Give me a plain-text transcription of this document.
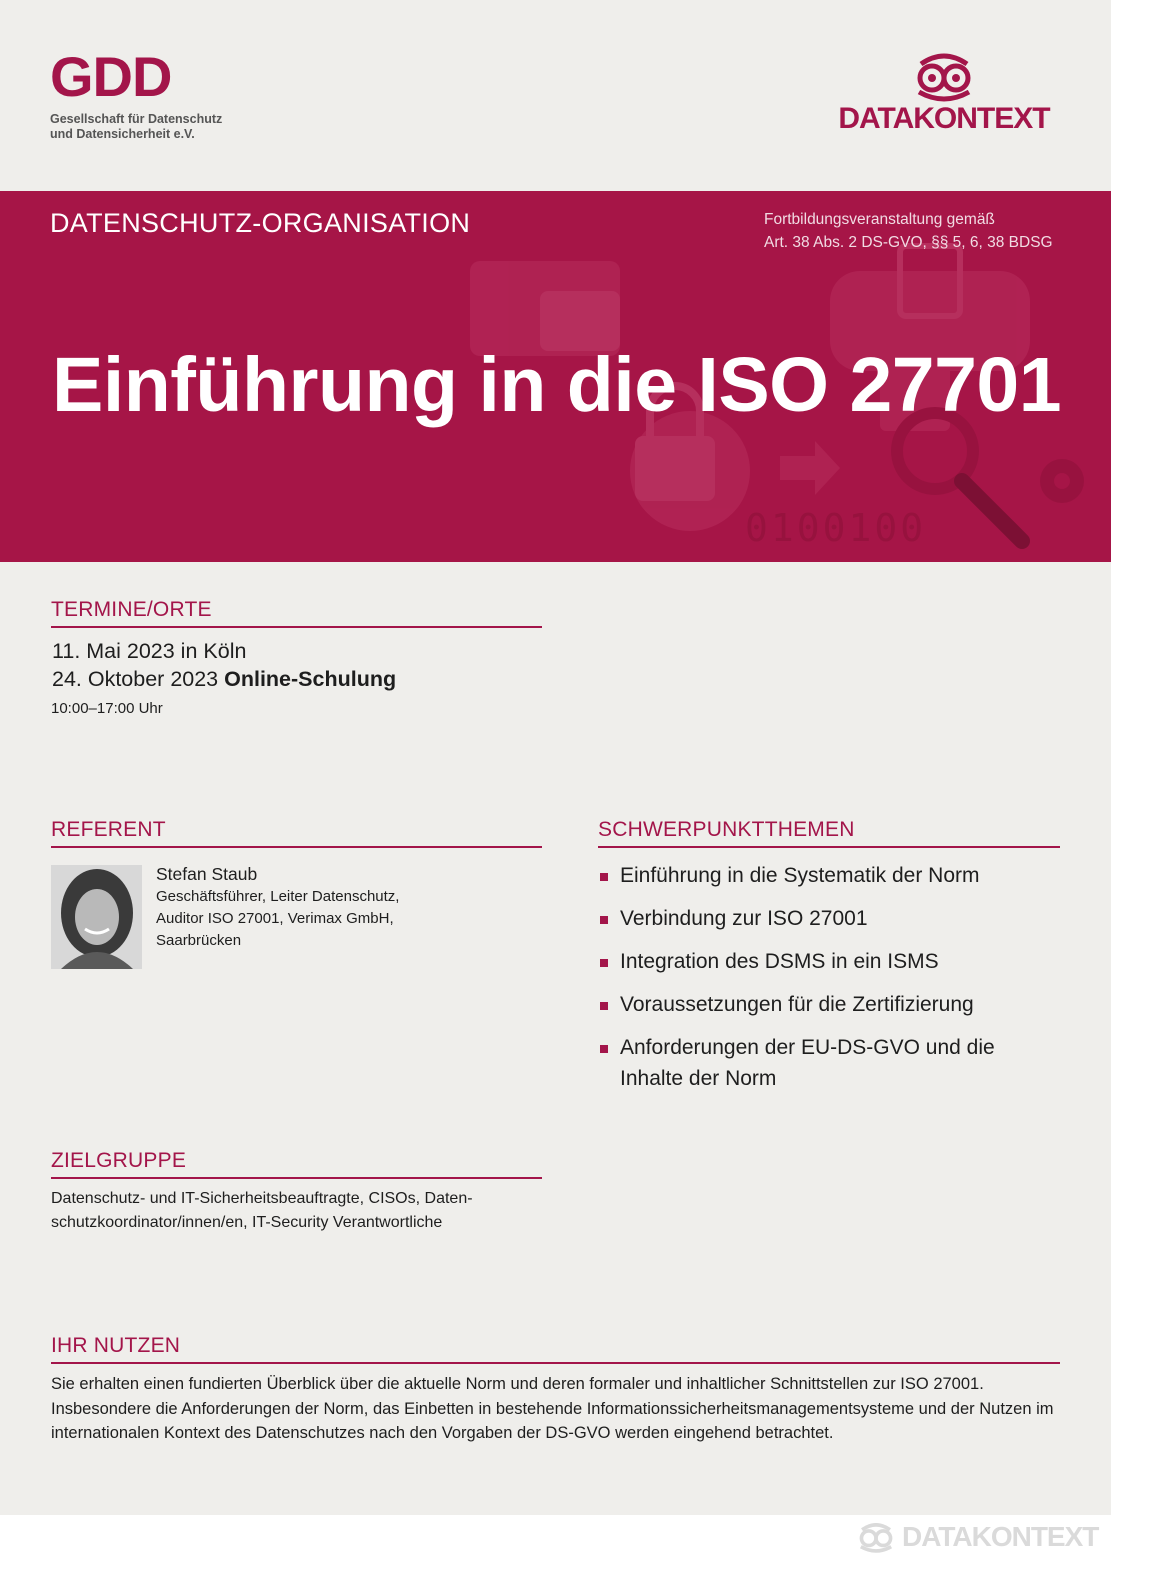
GDD
Gesellschaft für Datenschutz
und Datensicherheit e.V.	DATAKONTEXT
0100100
DATENSCHUTZ-ORGANISATION	Fortbildungsveranstaltung gemäß
Art. 38 Abs. 2 DS-GVO, §§ 5, 6, 38 BDSG
Einführung in die ISO 27701
TERMINE/ORTE
11. Mai 2023 in Köln
24. Oktober 2023 Online-Schulung
10:00–17:00 Uhr
REFERENT
Stefan Staub
Geschäftsführer, Leiter Datenschutz,
Auditor ISO 27001, Verimax GmbH,
Saarbrücken
SCHWERPUNKTTHEMEN
Einführung in die Systematik der Norm
Verbindung zur ISO 27001
Integration des DSMS in ein ISMS
Voraussetzungen für die Zertifizierung
Anforderungen der EU-DS-GVO und die Inhalte der Norm
ZIELGRUPPE
Datenschutz- und IT-Sicherheitsbeauftragte, CISOs, Daten- schutzkoordinator/innen/en, IT-Security Verantwortliche
IHR NUTZEN
Sie erhalten einen fundierten Überblick über die aktuelle Norm und deren formaler und inhaltlicher Schnittstellen zur ISO 27001. Insbesondere die Anforderungen der Norm, das Einbetten in bestehende Informationssicherheitsmanagementsysteme und der Nutzen im internationalen Kontext des Datenschutzes nach den Vorgaben der DS-GVO werden eingehend betrachtet.
DATAKONTEXT
